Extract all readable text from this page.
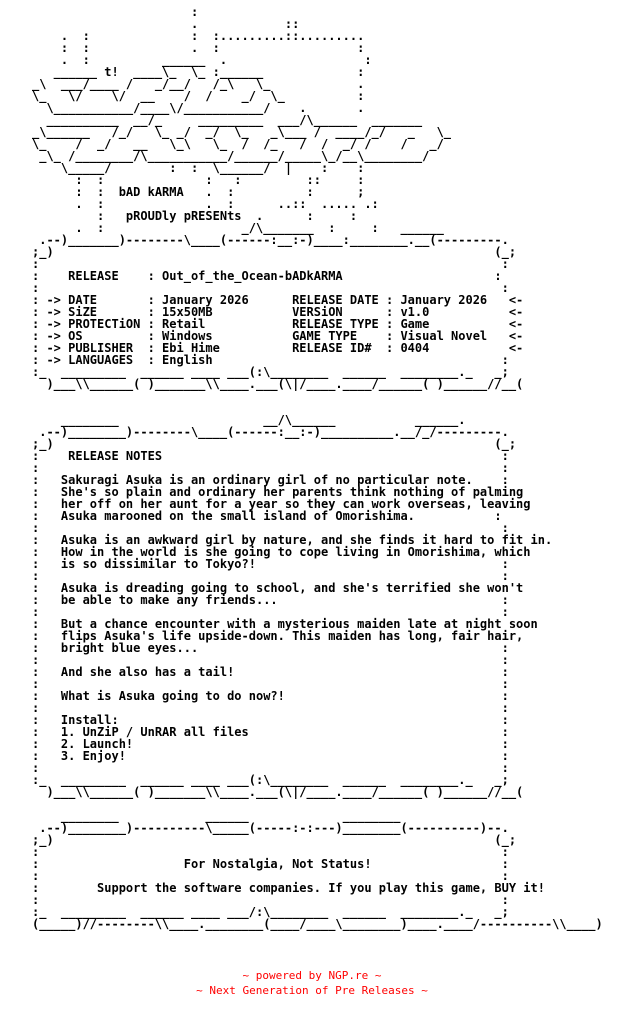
:
.            ::
.  :              :  :.........::.........
:  :              .  :                   :
.  :          ______  .                   :
______ t!  ____\_  \_ :______             :
_\  ___/____ /   _/__/   /_\   \_            .
\_   \/    \/  __    /  /    _/  \_          :
\___________/____\/___________/    .       .
__________  __/_     _________  ___/\______  _______
_\______   /_/   \_ _/  _/  \_   _\___ /  ____/_/   _   \_
\_    /  _/   __   \_\   \_  /  /_   /  /  _/ /    /   _/
_\_ /________/\___________/______/_____\_/__\________/
\_____/        :  :  \______/  |    :    :
:  :              :   :         ::     :
:  :  bAD kARMA   .  :          :      ;
.  :              .  :      ..::  ..... .:
:   pROUDly pRESENts  .      :     :
.  :                   _/\_______  :     :   ______
.--)_______)--------\____(------:__:-)____:________.__(---------.
;_)                                                             (_;
:                                                                :
:    RELEASE    : Out_of_the_Ocean-bADkARMA                     :
:                                                                :
: -> DATE       : January 2026      RELEASE DATE : January 2026   <-
: -> SiZE       : 15x50MB           VERSiON      : v1.0           <-
: -> PROTECTiON : Retail            RELEASE TYPE : Game           <-
: -> OS         : Windows           GAME TYPE    : Visual Novel   <-
: -> PUBLISHER  : Ebi Hime          RELEASE ID#  : 0404           <-
: -> LANGUAGES  : English                                        :
:_  _________  ______ ____ ___(:\________  ______  ________._   _;
)___\\______( )_______\\____.___(\|/____.____/______( )______//__(

________                    __/\______           ______.
.--)________)--------\____(------:__:-)__________.__/_/---------.
;_)                                                             (_;
:    RELEASE NOTES                                               :
:                                                                :
:   Sakuragi Asuka is an ordinary girl of no particular note.    :
:   She's so plain and ordinary her parents think nothing of palming
:   her off on her aunt for a year so they can work overseas, leaving
:   Asuka marooned on the small island of Omorishima.           :
:                                                                :
:   Asuka is an awkward girl by nature, and she finds it hard to fit in.
:   How in the world is she going to cope living in Omorishima, which
:   is so dissimilar to Tokyo?!                                  :
:                                                                :
:   Asuka is dreading going to school, and she's terrified she won't
:   be able to make any friends...                               :
:                                                                :
:   But a chance encounter with a mysterious maiden late at night soon
:   flips Asuka's life upside-down. This maiden has long, fair hair,
:   bright blue eyes...                                          :
:                                                                :
:   And she also has a tail!                                     :
:                                                                :
:   What is Asuka going to do now?!                              :
:                                                                :
:   Install:                                                     :
:   1. UnZiP / UnRAR all files                                   :
:   2. Launch!                                                   :
:   3. Enjoy!                                                    :
:                                                                :
:_  _________  ______ ____ ___(:\________  ______  ________._   _;
)___\\______( )_______\\____.___(\|/____.____/______( )______//__(

________            ______             ________
.--)________)----------\_____(-----:-:---)________(----------)--.
;_)                                                             (_;
:                                                                :
:                    For Nostalgia, Not Status!                  :
:                                                                :
:        Support the software companies. If you play this game, BUY it!
:                                                                :
:_  _________  ______ ____ ___/:\________  ______  ________._   _;
(_____)//--------\\____.________(____/____\________)____.____/----------\\____)

~ powered by NGP.re ~
~ Next Generation of Pre Releases ~
